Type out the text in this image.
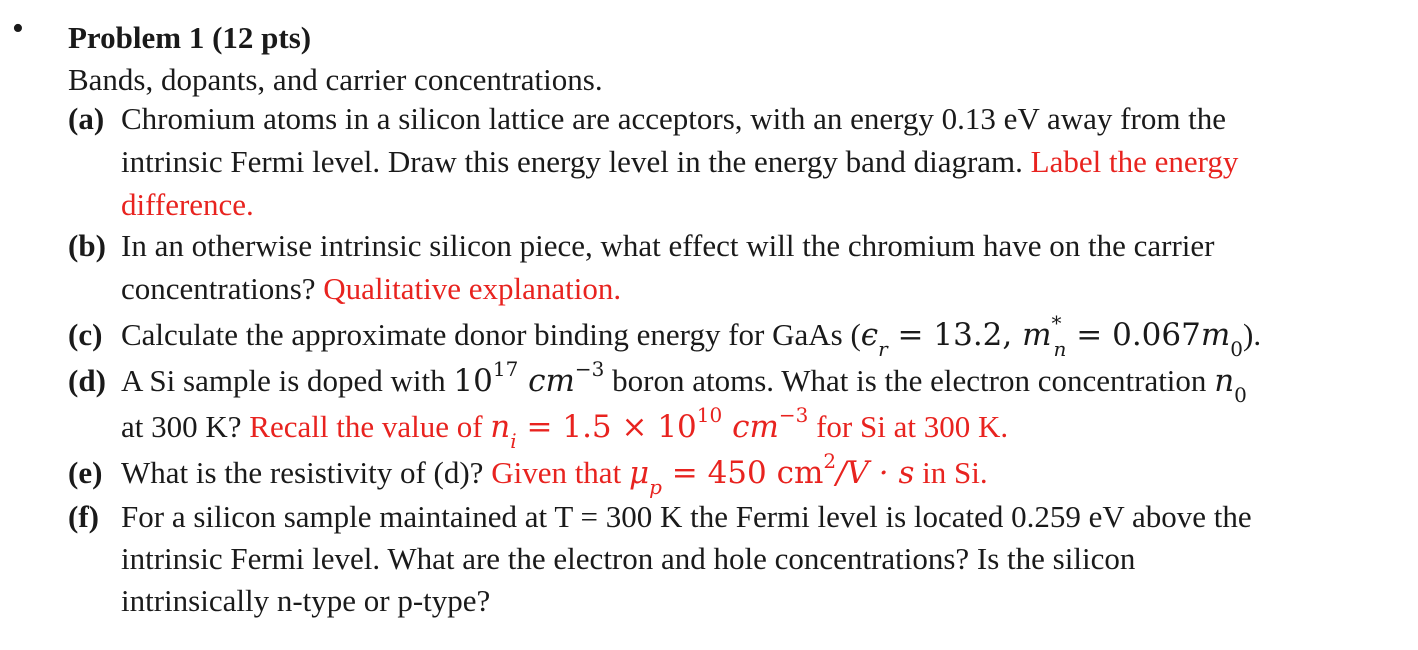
• Problem 1 (12 pts)
Bands, dopants, and carrier concentrations.
(a) Chromium atoms in a silicon lattice are acceptors, with an energy 0.13 eV away from the
intrinsic Fermi level. Draw this energy level in the energy band diagram. Label the energy
difference.
(b) In an otherwise intrinsic silicon piece, what effect will the chromium have on the carrier
concentrations? Qualitative explanation.
(c) Calculate the approximate donor binding energy for GaAs ($\epsilon_r = 13.2$, $m^*_n = 0.067m_0$).
(d) A Si sample is doped with $10^{17}$ $cm^{-3}$ boron atoms. What is the electron concentration $n_0$
at 300 K? Recall the value of $n_i = 1.5 \times 10^{10}$ $cm^{-3}$ for Si at 300 K.
(e) What is the resistivity of (d)? Given that $\mu_p = 450$ $cm^2/V \cdot s$ in Si.
(f) For a silicon sample maintained at T = 300 K the Fermi level is located 0.259 eV above the
intrinsic Fermi level. What are the electron and hole concentrations? Is the silicon
intrinsically n-type or p-type?
